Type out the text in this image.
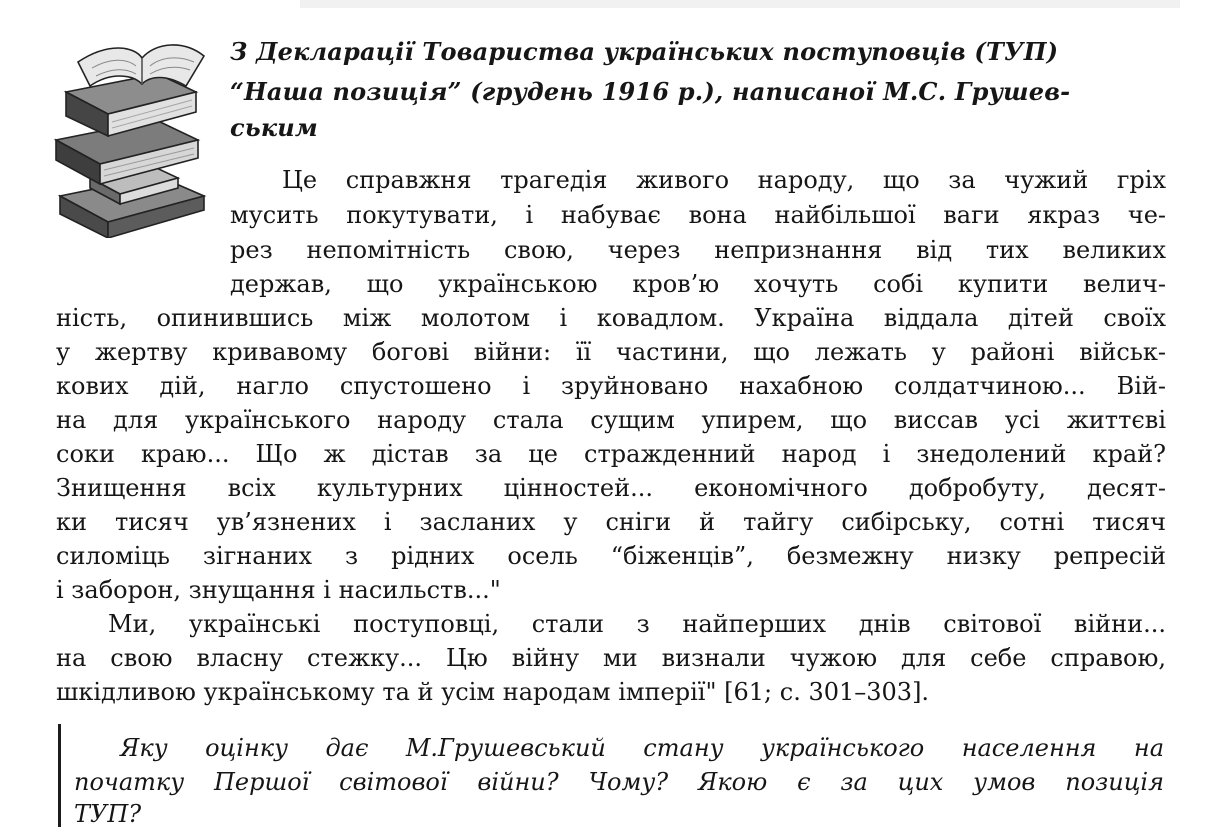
З Декларації Товариства українських поступовців (ТУП)

“Наша позиція” (грудень 1916 р.), написаної М.С. Грушев-

ським

Це справжня трагедія живого народу, що за чужий гріх

мусить покутувати, і набуває вона найбільшої ваги якраз че-

рез непомітність свою, через непризнання від тих великих

держав, що українською кров’ю хочуть собі купити велич-

ність, опинившись між молотом і ковадлом. Україна віддала дітей своїх

у жертву кривавому богові війни: її частини, що лежать у районі військ-

кових дій, нагло спустошено і зруйновано нахабною солдатчиною... Вій-

на для українського народу стала сущим упирем, що виссав усі життєві

соки краю... Що ж дістав за це стражденний народ і знедолений край?

Знищення всіх культурних цінностей... економічного добробуту, десят-

ки тисяч ув’язнених і засланих у сніги й тайгу сибірську, сотні тисяч

силоміць зігнаних з рідних осель “біженців”, безмежну низку репресій

і заборон, знущання і насильств..."

Ми, українські поступовці, стали з найперших днів світової війни...

на свою власну стежку... Цю війну ми визнали чужою для себе справою,

шкідливою українському та й усім народам імперії" [61; с. 301–303].

Яку оцінку дає М.Грушевський стану українського населення на

початку Першої світової війни? Чому? Якою є за цих умов позиція

ТУП?
